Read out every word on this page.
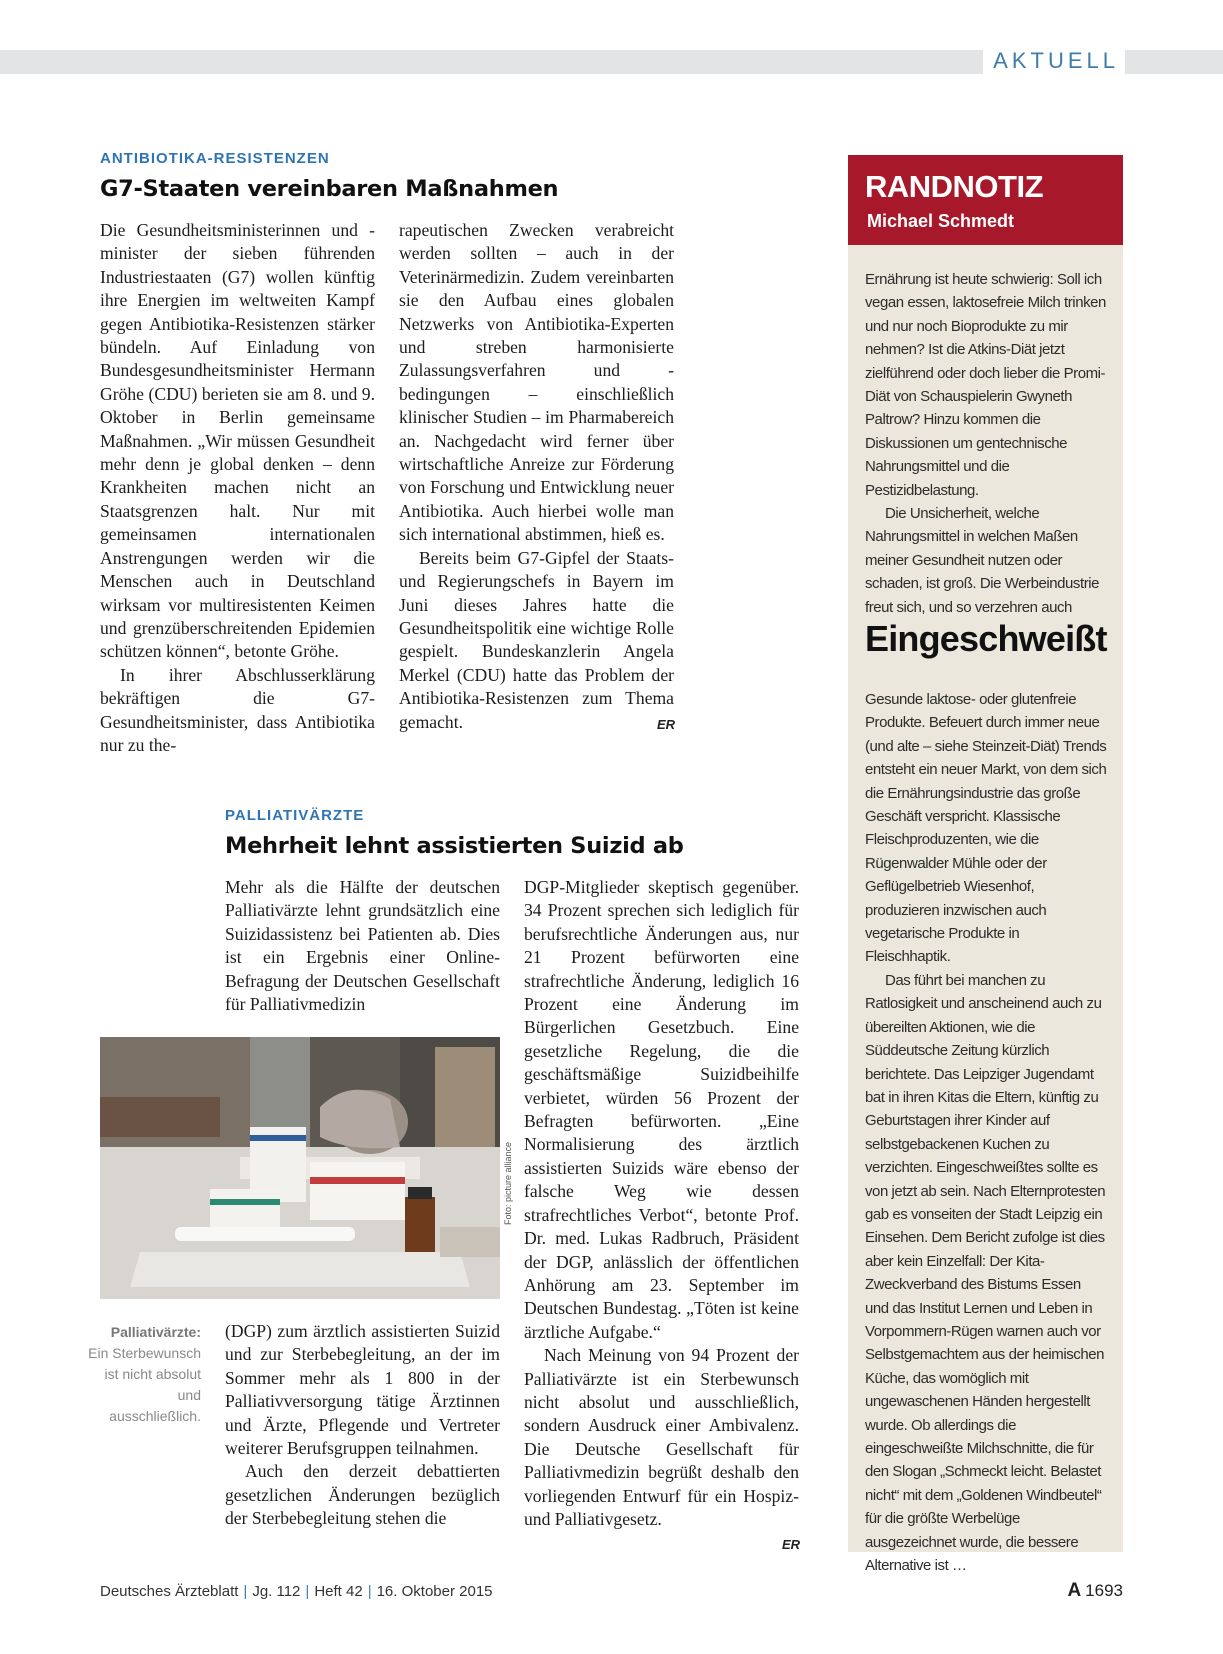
AKTUELL
ANTIBIOTIKA-RESISTENZEN
G7-Staaten vereinbaren Maßnahmen

Die Gesundheitsministerinnen und -minister der sieben führenden Industriestaaten (G7) wollen künftig ihre Energien im weltweiten Kampf gegen Antibiotika-Resistenzen stärker bündeln. Auf Einladung von Bundesgesundheitsminister Hermann Gröhe (CDU) berieten sie am 8. und 9. Oktober in Berlin gemeinsame Maßnahmen. „Wir müssen Gesundheit mehr denn je global denken – denn Krankheiten machen nicht an Staatsgrenzen halt. Nur mit gemeinsamen internationalen Anstrengungen werden wir die Menschen auch in Deutschland wirksam vor multiresistenten Keimen und grenzüberschreitenden Epidemien schützen können“, betonte Gröhe.

In ihrer Abschlusserklärung bekräftigen die G7-Gesundheitsminister, dass Antibiotika nur zu the-

rapeutischen Zwecken verabreicht werden sollten – auch in der Veterinärmedizin. Zudem vereinbarten sie den Aufbau eines globalen Netzwerks von Antibiotika-Experten und streben harmonisierte Zulassungsverfahren und -bedingungen – einschließlich klinischer Studien – im Pharmabereich an. Nachgedacht wird ferner über wirtschaftliche Anreize zur Förderung von Forschung und Entwicklung neuer Antibiotika. Auch hierbei wolle man sich international abstimmen, hieß es.

Bereits beim G7-Gipfel der Staats- und Regierungschefs in Bayern im Juni dieses Jahres hatte die Gesundheitspolitik eine wichtige Rolle gespielt. Bundeskanzlerin Angela Merkel (CDU) hatte das Problem der Antibiotika-Resistenzen zum Thema gemacht.	ER
PALLIATIVÄRZTE
Mehrheit lehnt assistierten Suizid ab

Mehr als die Hälfte der deutschen Palliativärzte lehnt grundsätzlich eine Suizidassistenz bei Patienten ab. Dies ist ein Ergebnis einer Online-Befragung der Deutschen Gesellschaft für Palliativmedizin

Foto: picture alliance
Palliativärzte:
Ein Sterbewunsch ist nicht absolut und ausschließlich.

(DGP) zum ärztlich assistierten Suizid und zur Sterbebegleitung, an der im Sommer mehr als 1 800 in der Palliativversorgung tätige Ärztinnen und Ärzte, Pflegende und Vertreter weiterer Berufsgruppen teilnahmen.

Auch den derzeit debattierten gesetzlichen Änderungen bezüglich der Sterbebegleitung stehen die

DGP-Mitglieder skeptisch gegenüber. 34 Prozent sprechen sich lediglich für berufsrechtliche Änderungen aus, nur 21 Prozent befürworten eine strafrechtliche Änderung, lediglich 16 Prozent eine Änderung im Bürgerlichen Gesetzbuch. Eine gesetzliche Regelung, die die geschäftsmäßige Suizidbeihilfe verbietet, würden 56 Prozent der Befragten befürworten. „Eine Normalisierung des ärztlich assistierten Suizids wäre ebenso der falsche Weg wie dessen strafrechtliches Verbot“, betonte Prof. Dr. med. Lukas Radbruch, Präsident der DGP, anlässlich der öffentlichen Anhörung am 23. September im Deutschen Bundestag. „Töten ist keine ärztliche Aufgabe.“

Nach Meinung von 94 Prozent der Palliativärzte ist ein Sterbewunsch nicht absolut und ausschließlich, sondern Ausdruck einer Ambivalenz. Die Deutsche Gesellschaft für Palliativmedizin begrüßt deshalb den vorliegenden Entwurf für ein Hospiz- und Palliativgesetz.

ER
RANDNOTIZ
Michael Schmedt

Ernährung ist heute schwierig: Soll ich vegan essen, laktosefreie Milch trinken und nur noch Bioprodukte zu mir nehmen? Ist die Atkins-Diät jetzt zielführend oder doch lieber die Promi-Diät von Schauspielerin Gwyneth Paltrow? Hinzu kommen die Diskussionen um gentechnische Nahrungsmittel und die Pestizidbelastung.

Die Unsicherheit, welche Nahrungsmittel in welchen Maßen meiner Gesundheit nutzen oder schaden, ist groß. Die Werbeindustrie freut sich, und so verzehren auch

Eingeschweißt

Gesunde laktose- oder glutenfreie Produkte. Befeuert durch immer neue (und alte – siehe Steinzeit-Diät) Trends entsteht ein neuer Markt, von dem sich die Ernährungsindustrie das große Geschäft verspricht. Klassische Fleischproduzenten, wie die Rügenwalder Mühle oder der Geflügelbetrieb Wiesenhof, produzieren inzwischen auch vegetarische Produkte in Fleischhaptik.

Das führt bei manchen zu Ratlosigkeit und anscheinend auch zu übereilten Aktionen, wie die Süddeutsche Zeitung kürzlich berichtete. Das Leipziger Jugendamt bat in ihren Kitas die Eltern, künftig zu Geburtstagen ihrer Kinder auf selbstgebackenen Kuchen zu verzichten. Eingeschweißtes sollte es von jetzt ab sein. Nach Elternprotesten gab es vonseiten der Stadt Leipzig ein Einsehen. Dem Bericht zufolge ist dies aber kein Einzelfall: Der Kita-Zweckverband des Bistums Essen und das Institut Lernen und Leben in Vorpommern-Rügen warnen auch vor Selbstgemachtem aus der heimischen Küche, das womöglich mit ungewaschenen Händen hergestellt wurde. Ob allerdings die eingeschweißte Milchschnitte, die für den Slogan „Schmeckt leicht. Belastet nicht“ mit dem „Goldenen Windbeutel“ für die größte Werbelüge ausgezeichnet wurde, die bessere Alternative ist …

Deutsches Ärzteblatt | Jg. 112 | Heft 42 | 16. Oktober 2015	A 1693
